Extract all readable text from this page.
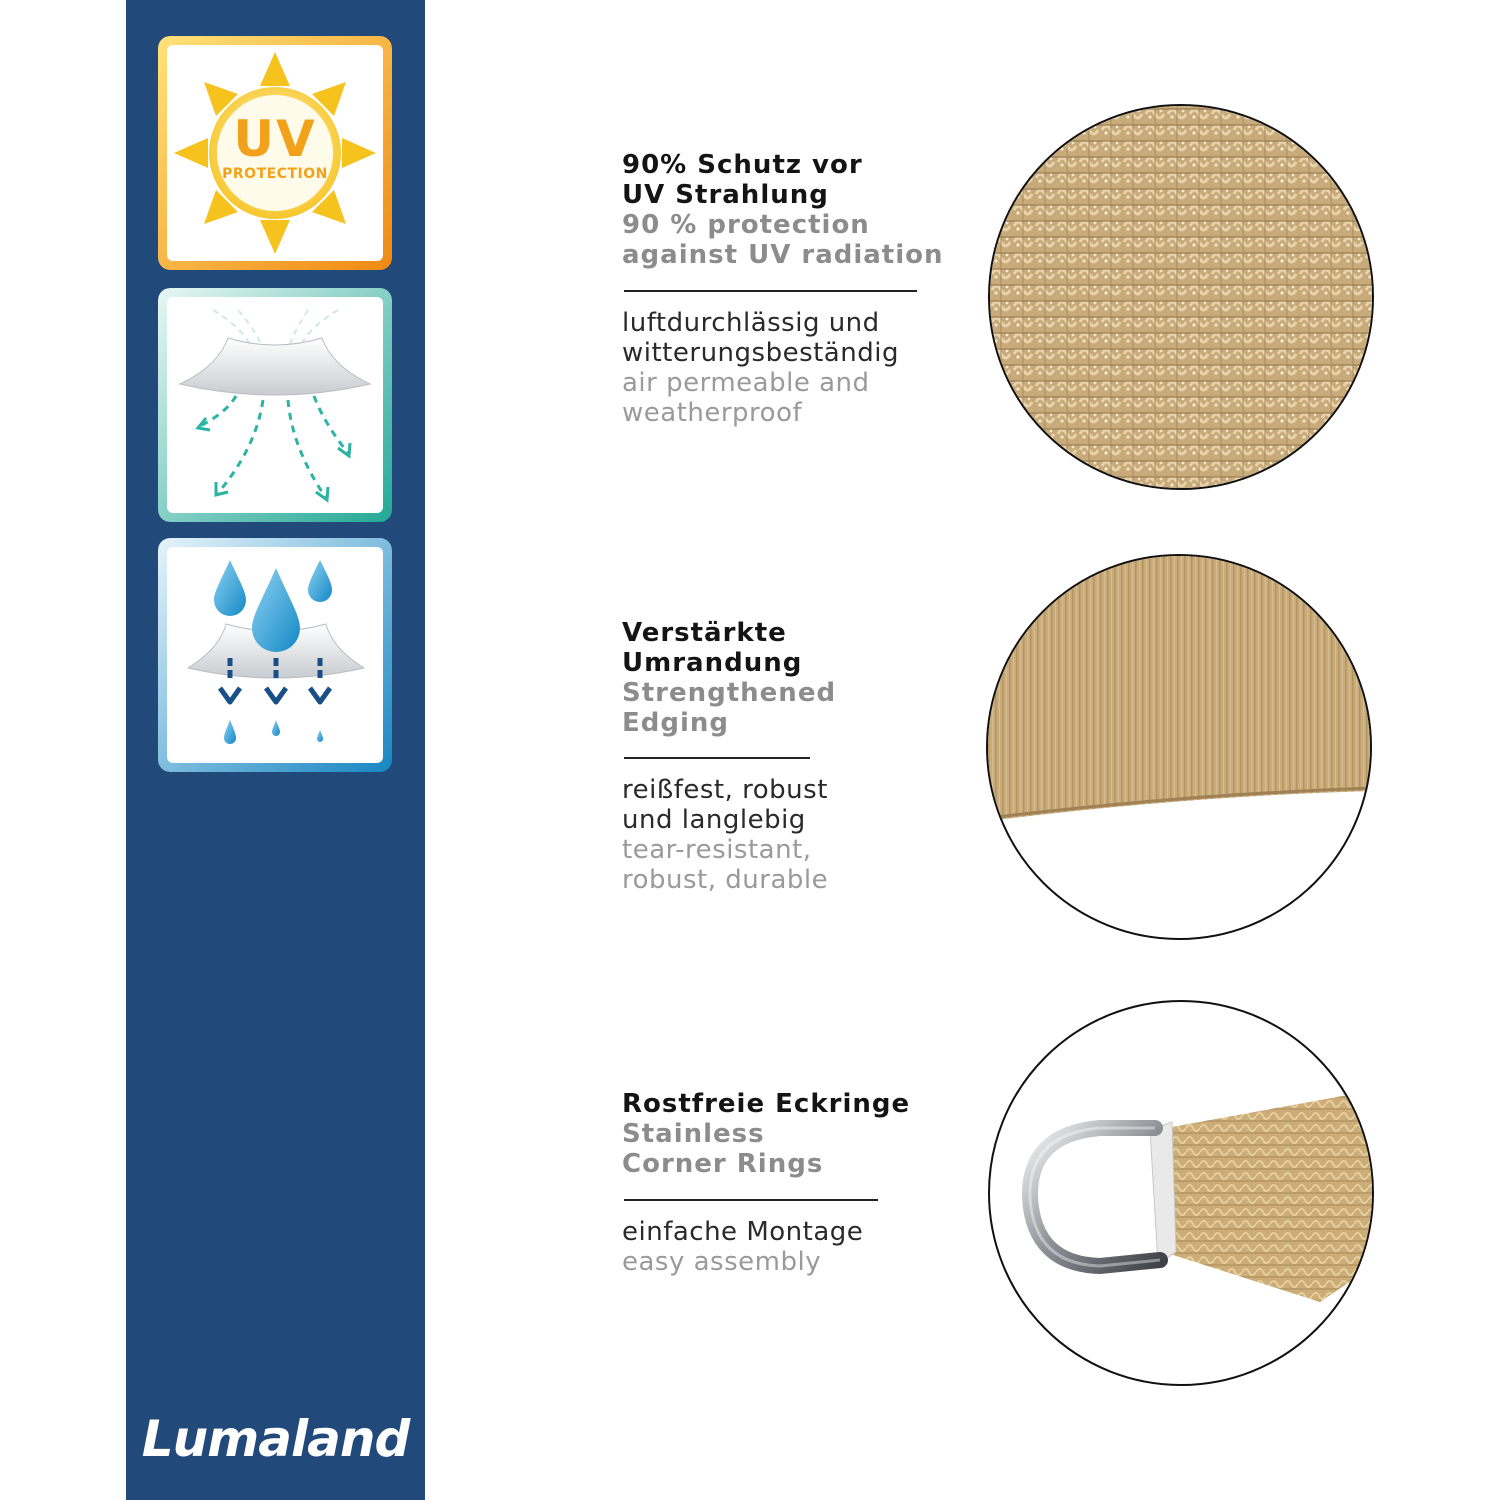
UV
PROTECTION
Lumaland
90% Schutz vor
UV Strahlung
90 % protection
against UV radiation
luftdurchlässig und
witterungsbeständig
air permeable and
weatherproof
Verstärkte
Umrandung
Strengthened
Edging
reißfest, robust
und langlebig
tear-resistant,
robust, durable
Rostfreie Eckringe
Stainless
Corner Rings
einfache Montage
easy assembly
